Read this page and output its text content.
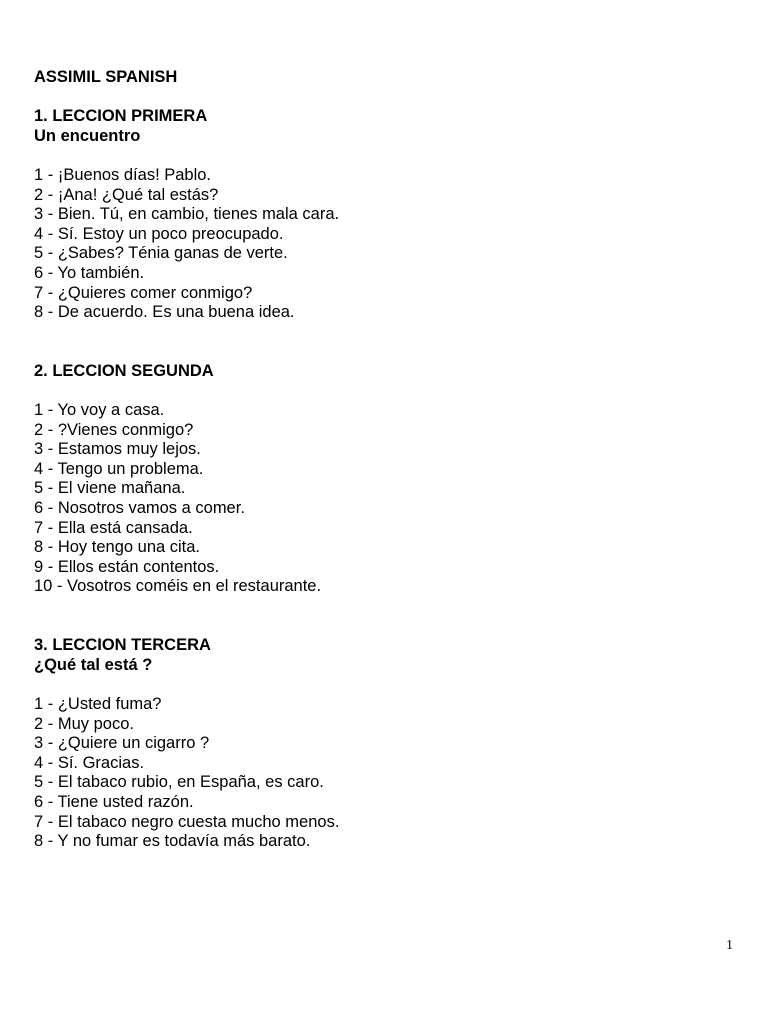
ASSIMIL SPANISH

1. LECCION PRIMERA

Un encuentro

1 - ¡Buenos días! Pablo.
2 - ¡Ana! ¿Qué tal estás?
3 - Bien. Tú, en cambio, tienes mala cara.
4 - Sí. Estoy un poco preocupado.
5 - ¿Sabes? Ténia ganas de verte.
6 - Yo también.
7 - ¿Quieres comer conmigo?
8 - De acuerdo. Es una buena idea.

2. LECCION SEGUNDA

1 - Yo voy a casa.
2 - ?Vienes conmigo?
3 - Estamos muy lejos.
4 - Tengo un problema.
5 - El viene mañana.
6 - Nosotros vamos a comer.
7 - Ella está cansada.
8 - Hoy tengo una cita.
9 - Ellos están contentos.
10 - Vosotros coméis en el restaurante.

3. LECCION TERCERA

¿Qué tal está ?

1 - ¿Usted fuma?
2 - Muy poco.
3 - ¿Quiere un cigarro ?
4 - Sí. Gracias.
5 - El tabaco rubio, en España, es caro.
6 - Tiene usted razón.
7 - El tabaco negro cuesta mucho menos.
8 - Y no fumar es todavía más barato.
1
